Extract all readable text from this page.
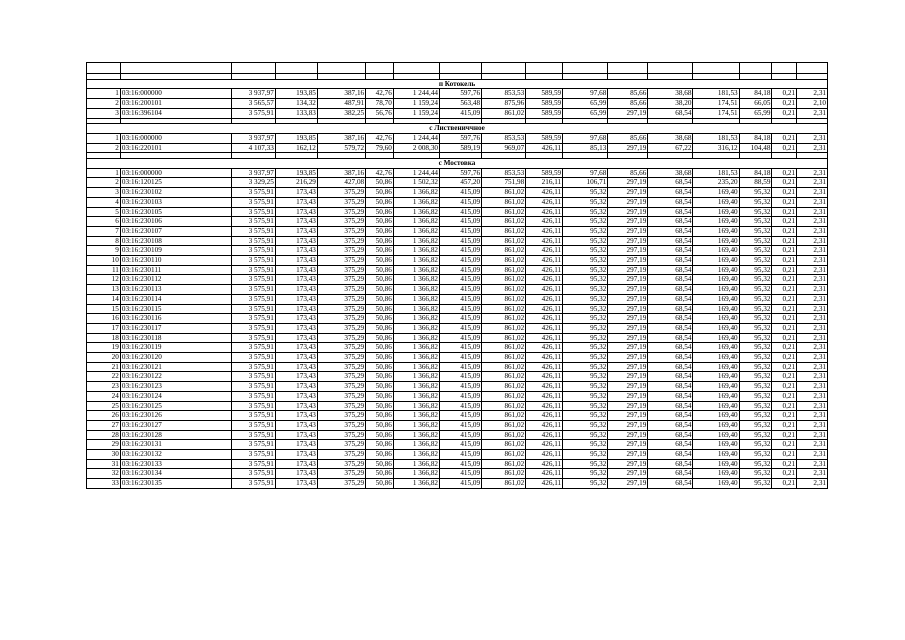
п Котокель																
1	03:16:000000	3 937,97	193,85	387,16	42,76	1 244,44	597,76	853,53	589,59	97,68	85,66	38,68	181,53	84,18	0,21	2,31
2	03:16:200101	3 565,57	134,32	487,91	78,70	1 159,24	563,48	875,96	589,59	65,99	85,66	38,20	174,51	66,05	0,21	2,10
3	03:16:396104	3 575,91	133,83	382,25	56,76	1 159,24	415,09	861,02	589,59	65,99	297,19	68,54	174,51	65,99	0,21	2,31

с Листвениччное																
1	03:16:000000	3 937,97	193,85	387,16	42,76	1 244,44	597,76	853,53	589,59	97,68	85,66	38,68	181,53	84,18	0,21	2,31
2	03:16:220101	4 107,33	162,12	579,72	79,60	2 008,30	589,19	969,07	426,11	85,13	297,19	67,22	316,12	104,48	0,21	2,31

с Мостовка																
1	03:16:000000	3 937,97	193,85	387,16	42,76	1 244,44	597,76	853,53	589,59	97,68	85,66	38,68	181,53	84,18	0,21	2,31
2	03:16:120125	3 329,25	216,29	427,08	50,86	1 502,32	457,20	751,98	216,11	106,71	297,19	68,54	235,20	88,59	0,21	2,31
3	03:16:230102	3 575,91	173,43	375,29	50,86	1 366,82	415,09	861,02	426,11	95,32	297,19	68,54	169,40	95,32	0,21	2,31
4	03:16:230103	3 575,91	173,43	375,29	50,86	1 366,82	415,09	861,02	426,11	95,32	297,19	68,54	169,40	95,32	0,21	2,31
5	03:16:230105	3 575,91	173,43	375,29	50,86	1 366,82	415,09	861,02	426,11	95,32	297,19	68,54	169,40	95,32	0,21	2,31
6	03:16:230106	3 575,91	173,43	375,29	50,86	1 366,82	415,09	861,02	426,11	95,32	297,19	68,54	169,40	95,32	0,21	2,31
7	03:16:230107	3 575,91	173,43	375,29	50,86	1 366,82	415,09	861,02	426,11	95,32	297,19	68,54	169,40	95,32	0,21	2,31
8	03:16:230108	3 575,91	173,43	375,29	50,86	1 366,82	415,09	861,02	426,11	95,32	297,19	68,54	169,40	95,32	0,21	2,31
9	03:16:230109	3 575,91	173,43	375,29	50,86	1 366,82	415,09	861,02	426,11	95,32	297,19	68,54	169,40	95,32	0,21	2,31
10	03:16:230110	3 575,91	173,43	375,29	50,86	1 366,82	415,09	861,02	426,11	95,32	297,19	68,54	169,40	95,32	0,21	2,31
11	03:16:230111	3 575,91	173,43	375,29	50,86	1 366,82	415,09	861,02	426,11	95,32	297,19	68,54	169,40	95,32	0,21	2,31
12	03:16:230112	3 575,91	173,43	375,29	50,86	1 366,82	415,09	861,02	426,11	95,32	297,19	68,54	169,40	95,32	0,21	2,31
13	03:16:230113	3 575,91	173,43	375,29	50,86	1 366,82	415,09	861,02	426,11	95,32	297,19	68,54	169,40	95,32	0,21	2,31
14	03:16:230114	3 575,91	173,43	375,29	50,86	1 366,82	415,09	861,02	426,11	95,32	297,19	68,54	169,40	95,32	0,21	2,31
15	03:16:230115	3 575,91	173,43	375,29	50,86	1 366,82	415,09	861,02	426,11	95,32	297,19	68,54	169,40	95,32	0,21	2,31
16	03:16:230116	3 575,91	173,43	375,29	50,86	1 366,82	415,09	861,02	426,11	95,32	297,19	68,54	169,40	95,32	0,21	2,31
17	03:16:230117	3 575,91	173,43	375,29	50,86	1 366,82	415,09	861,02	426,11	95,32	297,19	68,54	169,40	95,32	0,21	2,31
18	03:16:230118	3 575,91	173,43	375,29	50,86	1 366,82	415,09	861,02	426,11	95,32	297,19	68,54	169,40	95,32	0,21	2,31
19	03:16:230119	3 575,91	173,43	375,29	50,86	1 366,82	415,09	861,02	426,11	95,32	297,19	68,54	169,40	95,32	0,21	2,31
20	03:16:230120	3 575,91	173,43	375,29	50,86	1 366,82	415,09	861,02	426,11	95,32	297,19	68,54	169,40	95,32	0,21	2,31
21	03:16:230121	3 575,91	173,43	375,29	50,86	1 366,82	415,09	861,02	426,11	95,32	297,19	68,54	169,40	95,32	0,21	2,31
22	03:16:230122	3 575,91	173,43	375,29	50,86	1 366,82	415,09	861,02	426,11	95,32	297,19	68,54	169,40	95,32	0,21	2,31
23	03:16:230123	3 575,91	173,43	375,29	50,86	1 366,82	415,09	861,02	426,11	95,32	297,19	68,54	169,40	95,32	0,21	2,31
24	03:16:230124	3 575,91	173,43	375,29	50,86	1 366,82	415,09	861,02	426,11	95,32	297,19	68,54	169,40	95,32	0,21	2,31
25	03:16:230125	3 575,91	173,43	375,29	50,86	1 366,82	415,09	861,02	426,11	95,32	297,19	68,54	169,40	95,32	0,21	2,31
26	03:16:230126	3 575,91	173,43	375,29	50,86	1 366,82	415,09	861,02	426,11	95,32	297,19	68,54	169,40	95,32	0,21	2,31
27	03:16:230127	3 575,91	173,43	375,29	50,86	1 366,82	415,09	861,02	426,11	95,32	297,19	68,54	169,40	95,32	0,21	2,31
28	03:16:230128	3 575,91	173,43	375,29	50,86	1 366,82	415,09	861,02	426,11	95,32	297,19	68,54	169,40	95,32	0,21	2,31
29	03:16:230131	3 575,91	173,43	375,29	50,86	1 366,82	415,09	861,02	426,11	95,32	297,19	68,54	169,40	95,32	0,21	2,31
30	03:16:230132	3 575,91	173,43	375,29	50,86	1 366,82	415,09	861,02	426,11	95,32	297,19	68,54	169,40	95,32	0,21	2,31
31	03:16:230133	3 575,91	173,43	375,29	50,86	1 366,82	415,09	861,02	426,11	95,32	297,19	68,54	169,40	95,32	0,21	2,31
32	03:16:230134	3 575,91	173,43	375,29	50,86	1 366,82	415,09	861,02	426,11	95,32	297,19	68,54	169,40	95,32	0,21	2,31
33	03:16:230135	3 575,91	173,43	375,29	50,86	1 366,82	415,09	861,02	426,11	95,32	297,19	68,54	169,40	95,32	0,21	2,31
